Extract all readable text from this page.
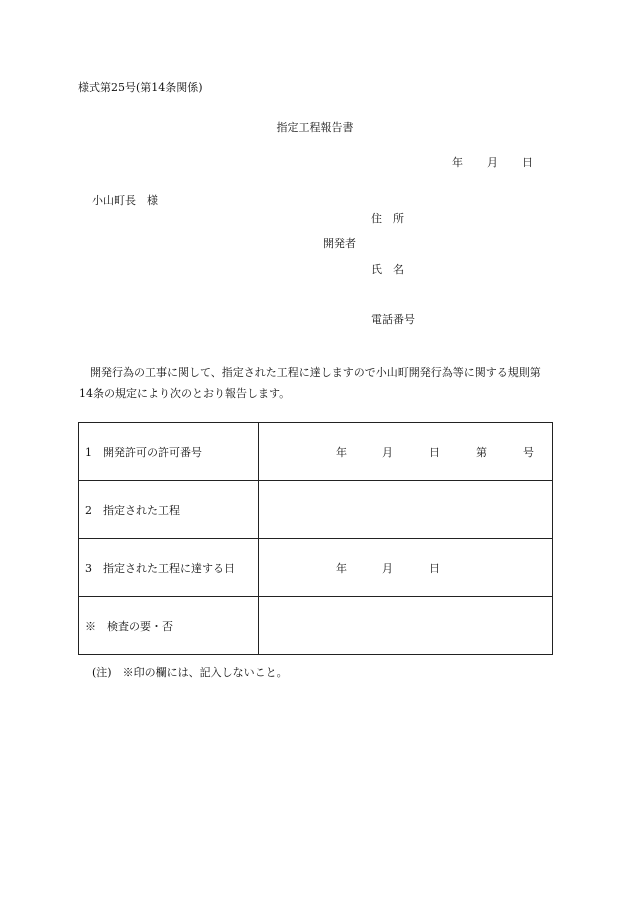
様式第25号(第14条関係)
指定工程報告書
年 月 日
小山町長　様
住　所
開発者
氏　名
電話番号
開発行為の工事に関して、指定された工程に達しますので小山町開発行為等に関する規則第14条の規定により次のとおり報告します。
1　開発許可の許可番号	年 月 日 第 号

2　指定された工程	
3　指定された工程に達する日	年 月 日

※　検査の要・否	
(注)　※印の欄には、記入しないこと。
